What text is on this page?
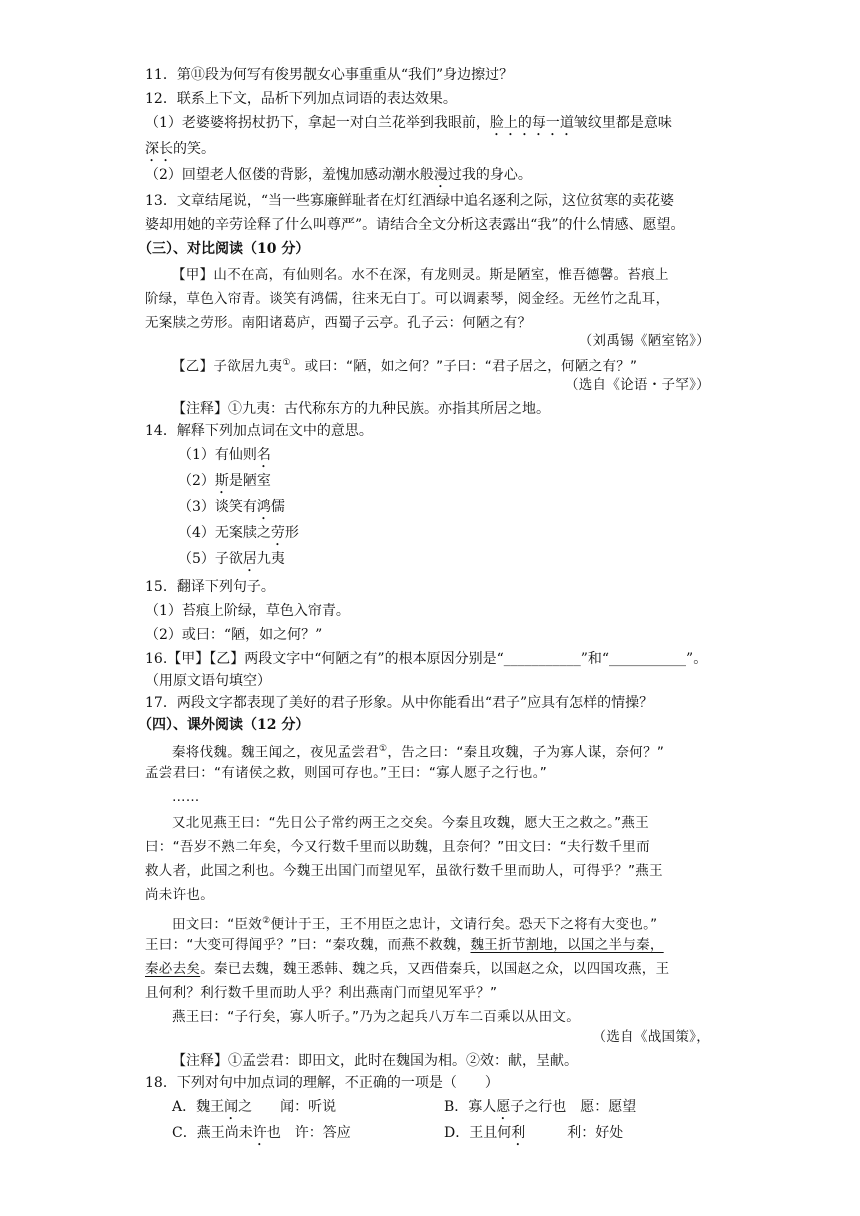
11．第⑪段为何写有俊男靓女心事重重从“我们”身边擦过？
12．联系上下文，品析下列加点词语的表达效果。
（1）老婆婆将拐杖扔下，拿起一对白兰花举到我眼前，脸上的每一道皱纹里都是意味
深长的笑。
（2）回望老人伛偻的背影，羞愧加感动潮水般漫过我的身心。
13．文章结尾说，“当一些寡廉鲜耻者在灯红酒绿中追名逐利之际，这位贫寒的卖花婆
婆却用她的辛劳诠释了什么叫尊严”。请结合全文分析这表露出“我”的什么情感、愿望。
（三）、对比阅读（10 分）
【甲】山不在高，有仙则名。水不在深，有龙则灵。斯是陋室，惟吾德馨。苔痕上
阶绿，草色入帘青。谈笑有鸿儒，往来无白丁。可以调素琴，阅金经。无丝竹之乱耳，
无案牍之劳形。南阳诸葛庐，西蜀子云亭。孔子云：何陋之有？
（刘禹锡《陋室铭》）
【乙】子欲居九夷①。或曰：“陋，如之何？”子曰：“君子居之，何陋之有？”
（选自《论语・子罕》）
【注释】①九夷：古代称东方的九种民族。亦指其所居之地。
14．解释下列加点词在文中的意思。
（1）有仙则名
（2）斯是陋室
（3）谈笑有鸿儒
（4）无案牍之劳形
（5）子欲居九夷
15．翻译下列句子。
（1）苔痕上阶绿，草色入帘青。
（2）或曰：“陋，如之何？”
16.【甲】【乙】两段文字中“何陋之有”的根本原因分别是“___________”和“___________”。
（用原文语句填空）
17．两段文字都表现了美好的君子形象。从中你能看出“君子”应具有怎样的情操？
（四）、课外阅读（12 分）
秦将伐魏。魏王闻之，夜见孟尝君①，告之曰：“秦且攻魏，子为寡人谋，奈何？”
孟尝君曰：“有诸侯之救，则国可存也。”王曰：“寡人愿子之行也。”
……
又北见燕王曰：“先日公子常约两王之交矣。今秦且攻魏，愿大王之救之。”燕王
曰：“吾岁不熟二年矣，今又行数千里而以助魏，且奈何？”田文曰：“夫行数千里而
救人者，此国之利也。今魏王出国门而望见军，虽欲行数千里而助人，可得乎？”燕王
尚未许也。
田文曰：“臣效②便计于王，王不用臣之忠计，文请行矣。恐天下之将有大变也。”
王曰：“大变可得闻乎？”曰：“秦攻魏，而燕不救魏，魏王折节割地，以国之半与秦，
秦必去矣。秦已去魏，魏王悉韩、魏之兵，又西借秦兵，以国赵之众，以四国攻燕，王
且何利？利行数千里而助人乎？利出燕南门而望见军乎？”
燕王曰：“子行矣，寡人听子。”乃为之起兵八万车二百乘以从田文。
（选自《战国策》，
【注释】①孟尝君：即田文，此时在魏国为相。②效：献，呈献。
18．下列对句中加点词的理解，不正确的一项是（　　）
A．魏王闻之　　闻：听说	B．寡人愿子之行也　愿：愿望
C．燕王尚未许也　许：答应	D．王且何利　　　利：好处
